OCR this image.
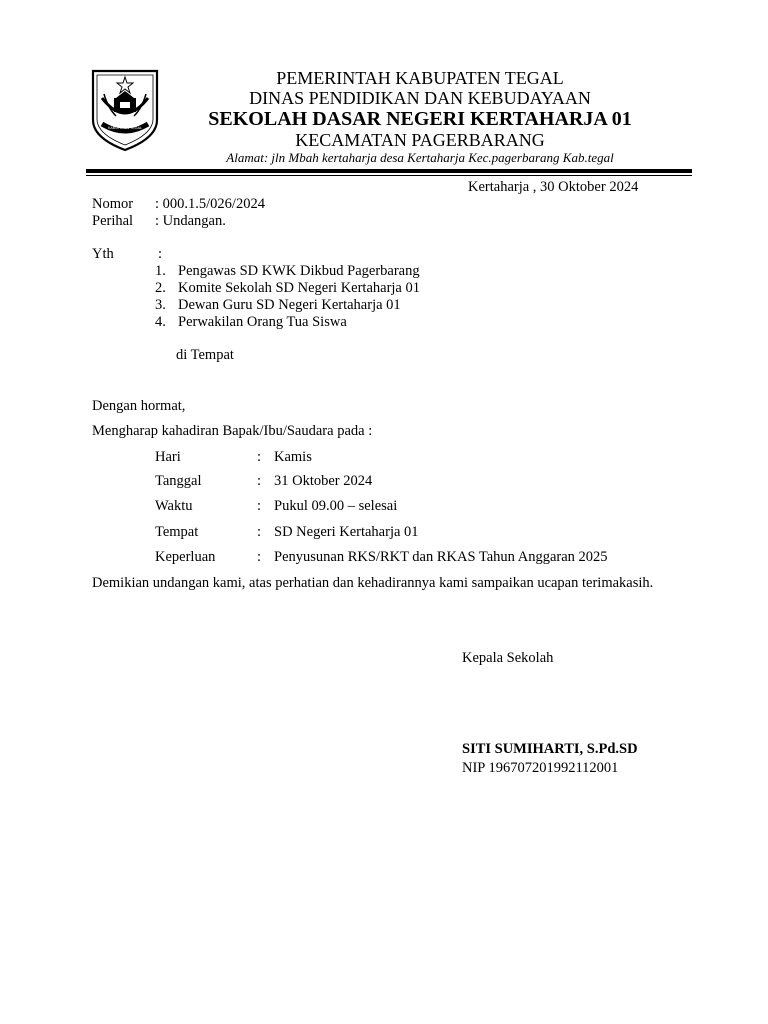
KABUPATEN TEGAL
PEMERINTAH KABUPATEN TEGAL
DINAS PENDIDIKAN DAN KEBUDAYAAN
SEKOLAH DASAR NEGERI KERTAHARJA 01
KECAMATAN PAGERBARANG
Alamat: jln Mbah kertaharja desa Kertaharja Kec.pagerbarang Kab.tegal
Kertaharja , 30 Oktober 2024
Nomor : 000.1.5/026/2024
Perihal : Undangan.
Yth	:
1. Pengawas SD KWK Dikbud Pagerbarang
2. Komite Sekolah SD Negeri Kertaharja 01
3. Dewan Guru SD Negeri Kertaharja 01
4. Perwakilan Orang Tua Siswa
di Tempat
Dengan hormat,
Mengharap kahadiran Bapak/Ibu/Saudara pada :
Hari	: Kamis
Tanggal	: 31 Oktober 2024
Waktu	: Pukul 09.00 – selesai
Tempat	: SD Negeri Kertaharja 01
Keperluan	: Penyusunan RKS/RKT dan RKAS Tahun Anggaran 2025
Demikian undangan kami, atas perhatian dan kehadirannya kami sampaikan ucapan terimakasih.
Kepala Sekolah
SITI SUMIHARTI, S.Pd.SD
NIP 196707201992112001
